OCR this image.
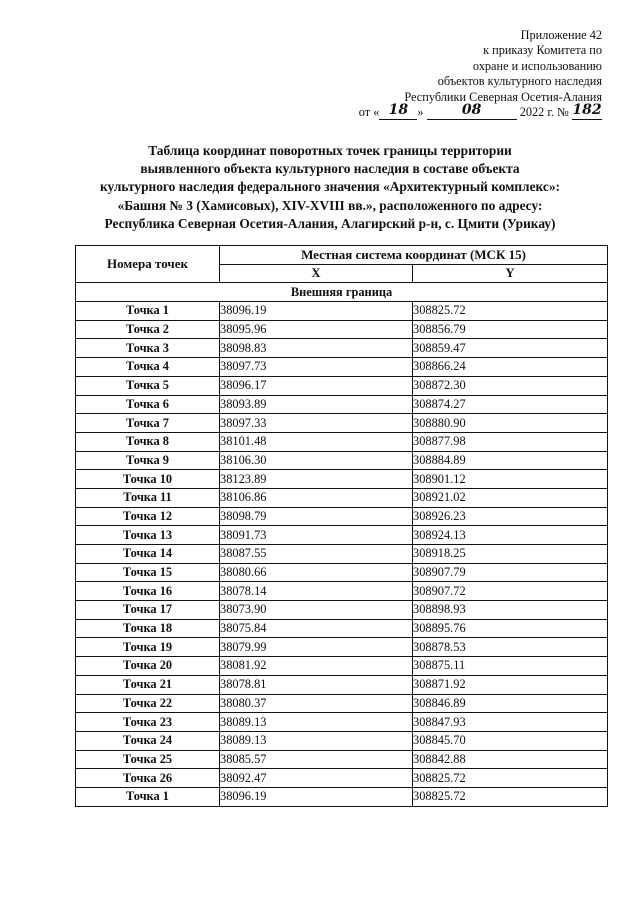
Приложение 42
к приказу Комитета по
охране и использованию
объектов культурного наследия
Республики Северная Осетия-Алания
от « 18 »	08	2022 г. № 182
Таблица координат поворотных точек границы территории
выявленного объекта культурного наследия в составе объекта
культурного наследия федерального значения «Архитектурный комплекс»:
«Башня № 3 (Хамисовых), XIV-XVIII вв.», расположенного по адресу:
Республика Северная Осетия-Алания, Алагирский р-н, с. Цмити (Урикау)
Номера точек	Местная система координат (МСК 15)	
	X	Y
Внешняя граница		
Точка 1	38096.19	308825.72
Точка 2	38095.96	308856.79
Точка 3	38098.83	308859.47
Точка 4	38097.73	308866.24
Точка 5	38096.17	308872.30
Точка 6	38093.89	308874.27
Точка 7	38097.33	308880.90
Точка 8	38101.48	308877.98
Точка 9	38106.30	308884.89
Точка 10	38123.89	308901.12
Точка 11	38106.86	308921.02
Точка 12	38098.79	308926.23
Точка 13	38091.73	308924.13
Точка 14	38087.55	308918.25
Точка 15	38080.66	308907.79
Точка 16	38078.14	308907.72
Точка 17	38073.90	308898.93
Точка 18	38075.84	308895.76
Точка 19	38079.99	308878.53
Точка 20	38081.92	308875.11
Точка 21	38078.81	308871.92
Точка 22	38080.37	308846.89
Точка 23	38089.13	308847.93
Точка 24	38089.13	308845.70
Точка 25	38085.57	308842.88
Точка 26	38092.47	308825.72
Точка 1	38096.19	308825.72
